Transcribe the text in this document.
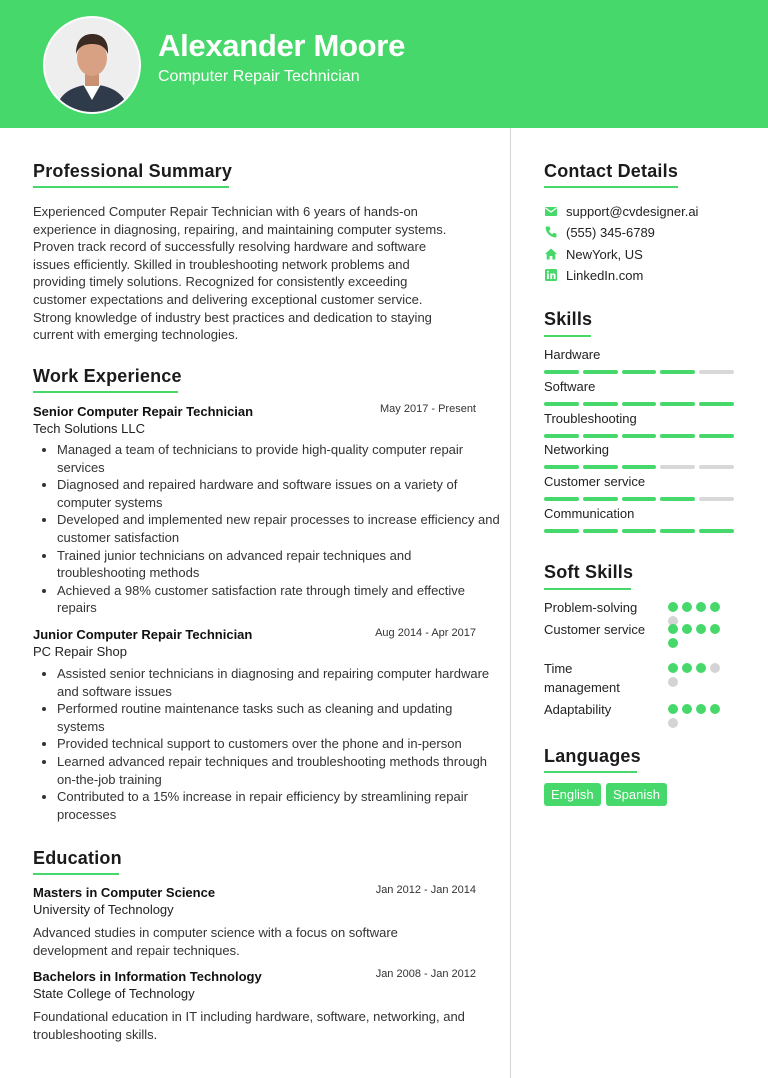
Alexander Moore
Computer Repair Technician
Professional Summary
Experienced Computer Repair Technician with 6 years of hands-on
experience in diagnosing, repairing, and maintaining computer systems.
Proven track record of successfully resolving hardware and software
issues efficiently. Skilled in troubleshooting network problems and
providing timely solutions. Recognized for consistently exceeding
customer expectations and delivering exceptional customer service.
Strong knowledge of industry best practices and dedication to staying
current with emerging technologies.
Work Experience
Senior Computer Repair Technician	May 2017 - Present
Tech Solutions LLC
• Managed a team of technicians to provide high-quality computer repair services
• Diagnosed and repaired hardware and software issues on a variety of computer systems
• Developed and implemented new repair processes to increase efficiency and customer satisfaction
• Trained junior technicians on advanced repair techniques and troubleshooting methods
• Achieved a 98% customer satisfaction rate through timely and effective repairs
Junior Computer Repair Technician	Aug 2014 - Apr 2017
PC Repair Shop
• Assisted senior technicians in diagnosing and repairing computer hardware and software issues
• Performed routine maintenance tasks such as cleaning and updating systems
• Provided technical support to customers over the phone and in-person
• Learned advanced repair techniques and troubleshooting methods through on-the-job training
• Contributed to a 15% increase in repair efficiency by streamlining repair processes
Education
Masters in Computer Science	Jan 2012 - Jan 2014
University of Technology
Advanced studies in computer science with a focus on software
development and repair techniques.
Bachelors in Information Technology	Jan 2008 - Jan 2012
State College of Technology
Foundational education in IT including hardware, software, networking, and
troubleshooting skills.
Contact Details
support@cvdesigner.ai
(555) 345-6789
NewYork, US
LinkedIn.com
Skills
Hardware
Software
Troubleshooting
Networking
Customer service
Communication
Soft Skills
Problem-solving
Customer service
Time management
Adaptability
Languages
English	Spanish
